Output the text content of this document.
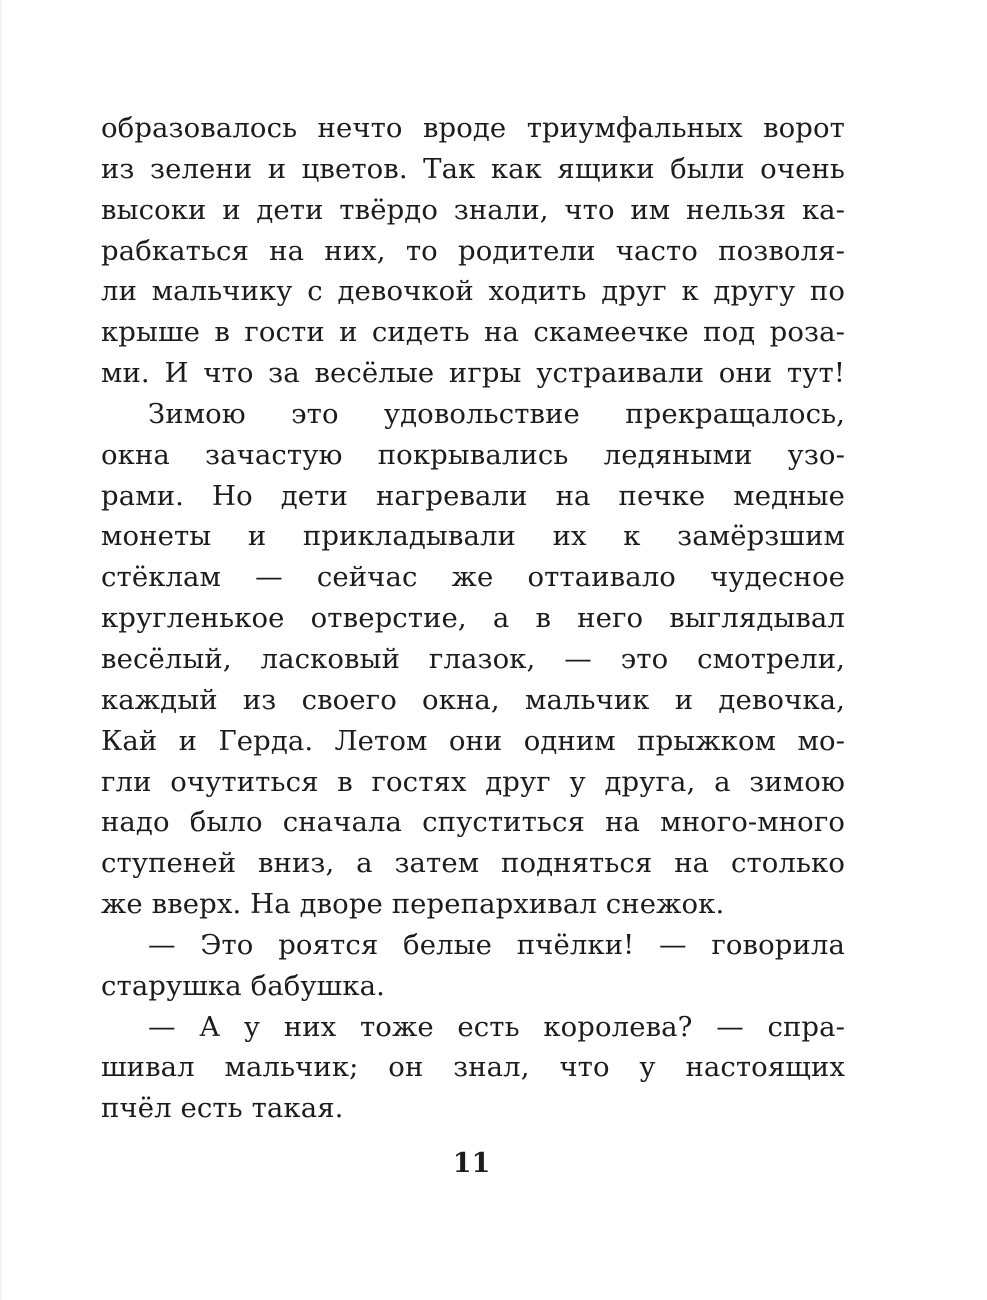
образовалось нечто вроде триумфальных ворот
из зелени и цветов. Так как ящики были очень
высоки и дети твёрдо знали, что им нельзя ка-
рабкаться на них, то родители часто позволя-
ли мальчику с девочкой ходить друг к другу по
крыше в гости и сидеть на скамеечке под роза-
ми. И что за весёлые игры устраивали они тут!
Зимою это удовольствие прекращалось,
окна зачастую покрывались ледяными узо-
рами. Но дети нагревали на печке медные
монеты и прикладывали их к замёрзшим
стёклам — сейчас же оттаивало чудесное
кругленькое отверстие, а в него выглядывал
весёлый, ласковый глазок, — это смотрели,
каждый из своего окна, мальчик и девочка,
Кай и Герда. Летом они одним прыжком мо-
гли очутиться в гостях друг у друга, а зимою
надо было сначала спуститься на много-много
ступеней вниз, а затем подняться на столько
же вверх. На дворе перепархивал снежок.
— Это роятся белые пчёлки! — говорила
старушка бабушка.
— А у них тоже есть королева? — спра-
шивал мальчик; он знал, что у настоящих
пчёл есть такая.
11
